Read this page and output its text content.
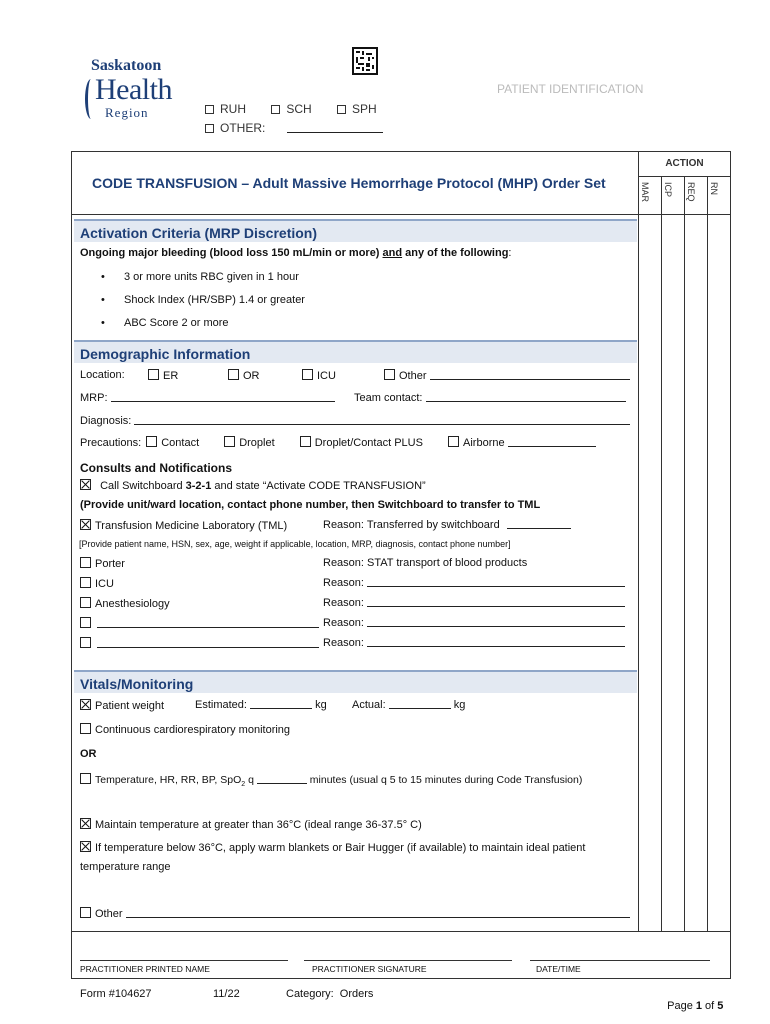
Saskatoon
Health
Region
PATIENT IDENTIFICATION
RUH	SCH	SPH
OTHER:
ACTION
MAR ICP REQ RN
CODE TRANSFUSION – Adult Massive Hemorrhage Protocol (MHP) Order Set
Activation Criteria (MRP Discretion)
Ongoing major bleeding (blood loss 150 mL/min or more) and any of the following:
• 3 or more units RBC given in 1 hour
• Shock Index (HR/SBP) 1.4 or greater
• ABC Score 2 or more
Demographic Information
Location:	ER	OR	ICU	Other
MRP:	Team contact:
Diagnosis:
Precautions: Contact	Droplet	Droplet/Contact PLUS	Airborne
Consults and Notifications
Call Switchboard 3-2-1 and state “Activate CODE TRANSFUSION”
(Provide unit/ward location, contact phone number, then Switchboard to transfer to TML
Transfusion Medicine Laboratory (TML)	Reason: Transferred by switchboard
[Provide patient name, HSN, sex, age, weight if applicable, location, MRP, diagnosis, contact phone number]
Porter	Reason: STAT transport of blood products
ICU	Reason:
Anesthesiology	Reason:
Reason:
Reason:
Vitals/Monitoring
Patient weight	Estimated:	kg Actual:	kg
Continuous cardiorespiratory monitoring
OR
Temperature, HR, RR, BP, SpO$_2$ q	minutes (usual q 5 to 15 minutes during Code Transfusion)
Maintain temperature at greater than 36°C (ideal range 36-37.5° C)
If temperature below 36°C, apply warm blankets or Bair Hugger (if available) to maintain ideal patient
temperature range
Other
PRACTITIONER PRINTED NAME	PRACTITIONER SIGNATURE	DATE/TIME
Form #104627	11/22	Category:  Orders

Page 1 of 5
